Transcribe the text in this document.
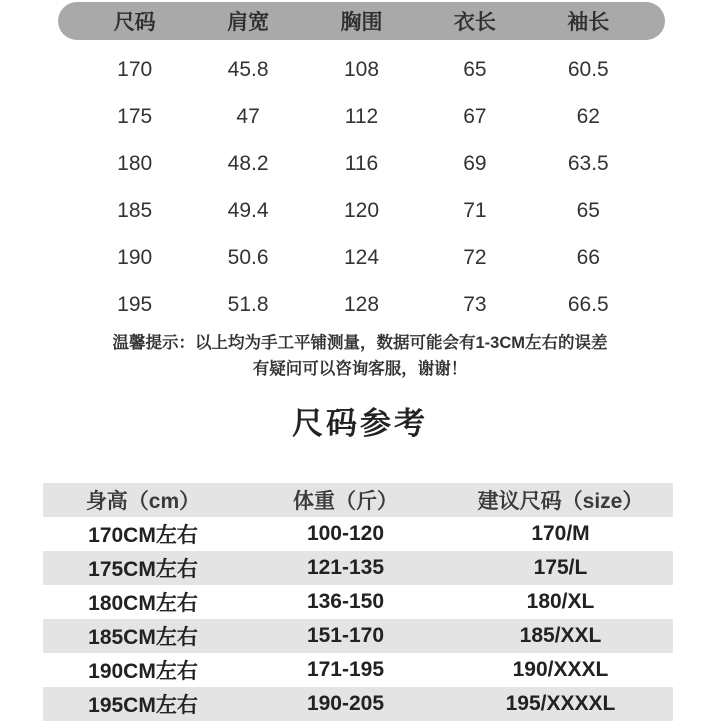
尺码	肩宽	胸围	衣长	袖长
170	45.8	108	65	60.5
175	47	112	67	62
180	48.2	116	69	63.5
185	49.4	120	71	65
190	50.6	124	72	66
195	51.8	128	73	66.5
温馨提示：以上均为手工平铺测量，数据可能会有1-3CM左右的误差
有疑问可以咨询客服，谢谢！
尺码参考
身高（cm）	体重（斤）	建议尺码（size）
170CM左右	100-120	170/M
175CM左右	121-135	175/L
180CM左右	136-150	180/XL
185CM左右	151-170	185/XXL
190CM左右	171-195	190/XXXL
195CM左右	190-205	195/XXXXL
